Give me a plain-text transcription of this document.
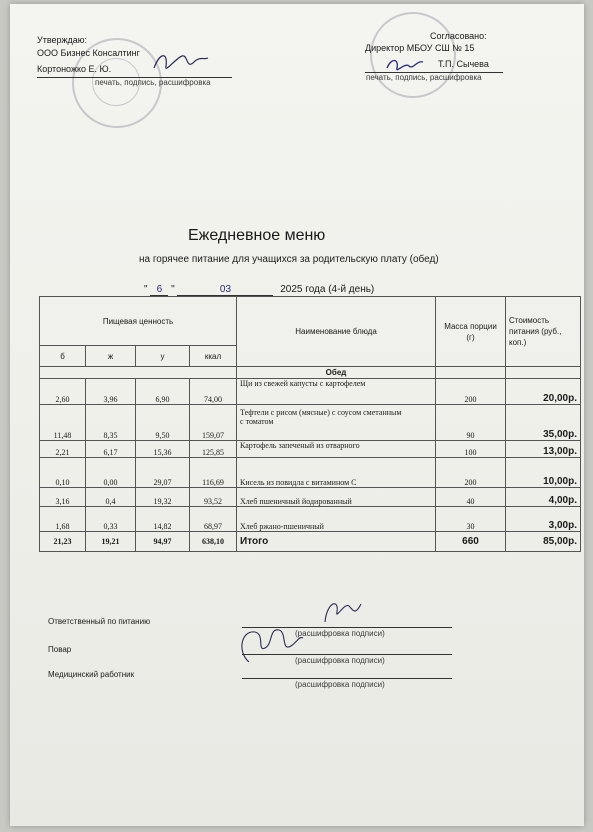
Утверждаю:
ООО Бизнес Консалтинг
Кортоножко Е. Ю.
печать, подпись, расшифровка
Согласовано:
Директор МБОУ СШ № 15
Т.П. Сычева
печать, подпись, расшифровка
Ежедневное меню
на горячее питание для учащихся за родительскую плату (обед)
" 6 "	03	2025 года (4-й день)
Пищевая ценность				Наименование блюда	Масса порции (г)	Стоимость питания (руб., коп.)
б	ж	у	ккал			
				Обед		
2,60	3,96	6,90	74,00	Щи из свежей капусты с картофелем	200	20,00р.
11,48	8,35	9,50	159,07	Тефтели с рисом (мясные) с соусом сметанным
с томатом	90	35,00р.
2,21	6,17	15,36	125,85	Картофель запеченый из отварного	100	13,00р.
0,10	0,00	29,07	116,69	Кисель из повидла с витамином С	200	10,00р.
3,16	0,4	19,32	93,52	Хлеб пшеничный йодированный	40	4,00р.
1,68	0,33	14,82	68,97	Хлеб ржано-пшеничный	30	3,00р.
21,23	19,21	94,97	638,10	Итого	660	85,00р.
Ответственный по питанию
(расшифровка подписи)
Повар
(расшифровка подписи)
Медицинский работник
(расшифровка подписи)
